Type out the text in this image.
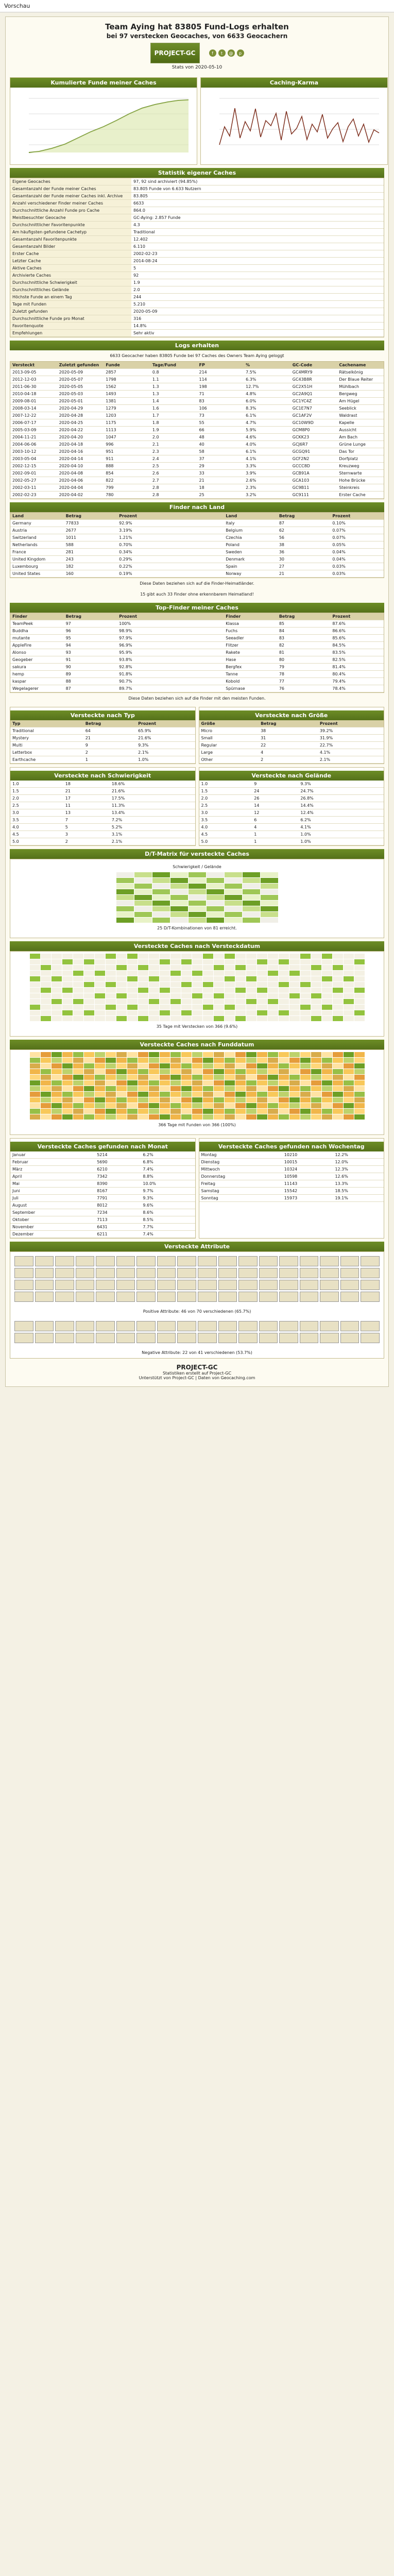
Vorschau
Team Aying hat 83805 Fund-Logs erhalten
bei 97 verstecken Geocaches, von 6633 Geocachern
PROJECT-GC	f	t	@	p
Stats von 2020-05-10
Kumulierte Funde meiner Caches	Caching-Karma
Statistik eigener Caches
Eigene Geocaches	97, 92 sind archiviert (94.85%)
Gesamtanzahl der Funde meiner Caches	83.805 Funde von 6.633 Nutzern
Gesamtanzahl der Funde meiner Caches inkl. Archive	83.805
Anzahl verschiedener Finder meiner Caches	6633
Durchschnittliche Anzahl Funde pro Cache	864.0
Meistbesuchter Geocache	GC-Aying: 2.857 Funde
Durchschnittlicher Favoritenpunkte	4.3
Am häufigsten gefundene Cachetyp	Traditional
Gesamtanzahl Favoritenpunkte	12.402
Gesamtanzahl Bilder	6.110
Erster Cache	2002-02-23
Letzter Cache	2014-08-24
Aktive Caches	5
Archivierte Caches	92
Durchschnittliche Schwierigkeit	1.9
Durchschnittliches Gelände	2.0
Höchste Funde an einem Tag	244
Tage mit Funden	5.210
Zuletzt gefunden	2020-05-09
Durchschnittliche Funde pro Monat	316
Favoritenquote	14.8%
Empfehlungen	Sehr aktiv
Logs erhalten
6633 Geocacher haben 83805 Funde bei 97 Caches des Owners Team Aying geloggt
Versteckt	Zuletzt gefunden	Funde	Tage/Fund	FP	%	GC-Code	Cachename
2013-09-05	2020-05-09	2857	0.8	214	7.5%	GC4MRY9	Rätselkönig
2012-12-03	2020-05-07	1798	1.1	114	6.3%	GC43B8R	Der Blaue Reiter
2011-06-30	2020-05-05	1562	1.3	198	12.7%	GC2X51H	Mühlbach
2010-04-18	2020-05-03	1493	1.3	71	4.8%	GC2A9Q1	Bergweg
2009-08-01	2020-05-01	1381	1.4	83	6.0%	GC1YC4Z	Am Hügel
2008-03-14	2020-04-29	1279	1.6	106	8.3%	GC1E7N7	Seeblick
2007-12-22	2020-04-28	1203	1.7	73	6.1%	GC1AF2V	Waldrast
2006-07-17	2020-04-25	1175	1.8	55	4.7%	GC10W9D	Kapelle
2005-03-09	2020-04-22	1113	1.9	66	5.9%	GCM8P0	Aussicht
2004-11-21	2020-04-20	1047	2.0	48	4.6%	GCKK23	Am Bach
2004-06-06	2020-04-18	996	2.1	40	4.0%	GCJ6R7	Grüne Lunge
2003-10-12	2020-04-16	951	2.3	58	6.1%	GCGQ91	Das Tor
2003-05-04	2020-04-14	911	2.4	37	4.1%	GCF2N2	Dorfplatz
2002-12-15	2020-04-10	888	2.5	29	3.3%	GCCC8D	Kreuzweg
2002-09-01	2020-04-08	854	2.6	33	3.9%	GCB91A	Sternwarte
2002-05-27	2020-04-06	822	2.7	21	2.6%	GCA103	Hohe Brücke
2002-03-11	2020-04-04	799	2.8	18	2.3%	GC9B11	Steinkreis
2002-02-23	2020-04-02	780	2.8	25	3.2%	GC9111	Erster Cache
Finder nach Land
Land	Betrag	Prozent		Land	Betrag	Prozent
Germany	77833	92.9%		Italy	87	0.10%
Austria	2677	3.19%		Belgium	62	0.07%
Switzerland	1011	1.21%		Czechia	56	0.07%
Netherlands	588	0.70%		Poland	38	0.05%
France	281	0.34%		Sweden	36	0.04%
United Kingdom	243	0.29%		Denmark	30	0.04%
Luxembourg	182	0.22%		Spain	27	0.03%
United States	160	0.19%		Norway	21	0.03%
Diese Daten beziehen sich auf die Finder-Heimatländer.
15 gibt auch 33 Finder ohne erkennbarem Heimatland!
Top-Finder meiner Caches
Finder	Betrag	Prozent		Finder	Betrag	Prozent
TeamPeek	97	100%		Klassa	85	87.6%
Buddha	96	98.9%		Fuchs	84	86.6%
mutante	95	97.9%		Seeadler	83	85.6%
AppleFire	94	96.9%		Flitzer	82	84.5%
Alonso	93	95.9%		Rakete	81	83.5%
Geogeber	91	93.8%		Hase	80	82.5%
sakura	90	92.8%		Bergfex	79	81.4%
hemp	89	91.8%		Tanne	78	80.4%
kaspar	88	90.7%		Kobold	77	79.4%
Wegelagerer	87	89.7%		Spürnase	76	78.4%
Diese Daten beziehen sich auf die Finder mit den meisten Funden.
Versteckte nach Typ
Typ	Betrag	Prozent
Traditional	64	65.9%
Mystery	21	21.6%
Multi	9	9.3%
Letterbox	2	2.1%
Earthcache	1	1.0%
Versteckte nach Größe
Größe	Betrag	Prozent
Micro	38	39.2%
Small	31	31.9%
Regular	22	22.7%
Large	4	4.1%
Other	2	2.1%
Versteckte nach Schwierigkeit
1.0	18	18.6%
1.5	21	21.6%
2.0	17	17.5%
2.5	11	11.3%
3.0	13	13.4%
3.5	7	7.2%
4.0	5	5.2%
4.5	3	3.1%
5.0	2	2.1%
Versteckte nach Gelände
1.0	9	9.3%
1.5	24	24.7%
2.0	26	26.8%
2.5	14	14.4%
3.0	12	12.4%
3.5	6	6.2%
4.0	4	4.1%
4.5	1	1.0%
5.0	1	1.0%
D/T-Matrix für versteckte Caches
Schwierigkeit / Gelände
25 D/T-Kombinationen von 81 erreicht.
Versteckte Caches nach Versteckdatum
35 Tage mit Verstecken von 366 (9.6%)
Versteckte Caches nach Funddatum
366 Tage mit Funden von 366 (100%)
Versteckte Caches gefunden nach Monat
Januar	5214	6.2%
Februar	5690	6.8%
März	6210	7.4%
April	7342	8.8%
Mai	8390	10.0%
Juni	8167	9.7%
Juli	7791	9.3%
August	8012	9.6%
September	7234	8.6%
Oktober	7113	8.5%
November	6431	7.7%
Dezember	6211	7.4%
Versteckte Caches gefunden nach Wochentag
Montag	10210	12.2%
Dienstag	10015	12.0%
Mittwoch	10324	12.3%
Donnerstag	10598	12.6%
Freitag	11143	13.3%
Samstag	15542	18.5%
Sonntag	15973	19.1%
Versteckte Attribute
Positive Attribute: 46 von 70 verschiedenen (65.7%)
Negative Attribute: 22 von 41 verschiedenen (53.7%)
PROJECT-GC
Statistiken erstellt auf Project-GC
Unterstützt von Project-GC | Daten von Geocaching.com
